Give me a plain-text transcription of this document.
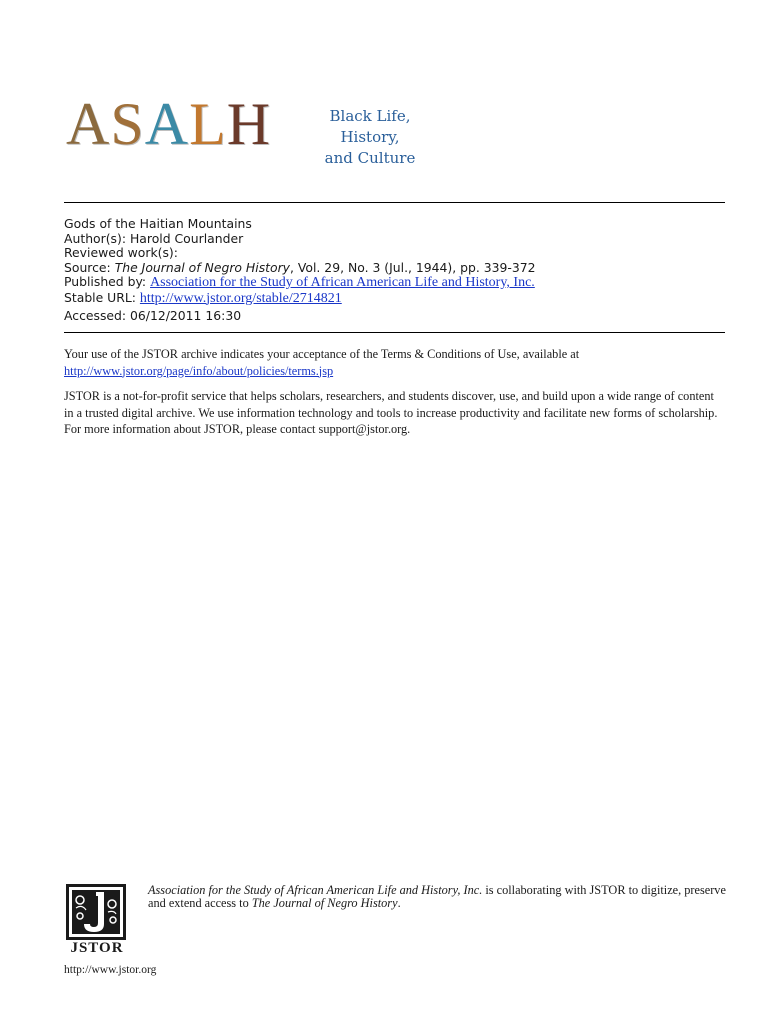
ASALH	Black Life, History,
and Culture
Gods of the Haitian Mountains
Author(s): Harold Courlander
Reviewed work(s):
Source: The Journal of Negro History, Vol. 29, No. 3 (Jul., 1944), pp. 339-372
Published by: Association for the Study of African American Life and History, Inc.
Stable URL: http://www.jstor.org/stable/2714821
Accessed: 06/12/2011 16:30

Your use of the JSTOR archive indicates your acceptance of the Terms & Conditions of Use, available at

http://www.jstor.org/page/info/about/policies/terms.jsp

JSTOR is a not-for-profit service that helps scholars, researchers, and students discover, use, and build upon a wide range of content in a trusted digital archive. We use information technology and tools to increase productivity and facilitate new forms of scholarship. For more information about JSTOR, please contact support@jstor.org.

JSTOR
Association for the Study of African American Life and History, Inc. is collaborating with JSTOR to digitize, preserve and extend access to The Journal of Negro History.
http://www.jstor.org
